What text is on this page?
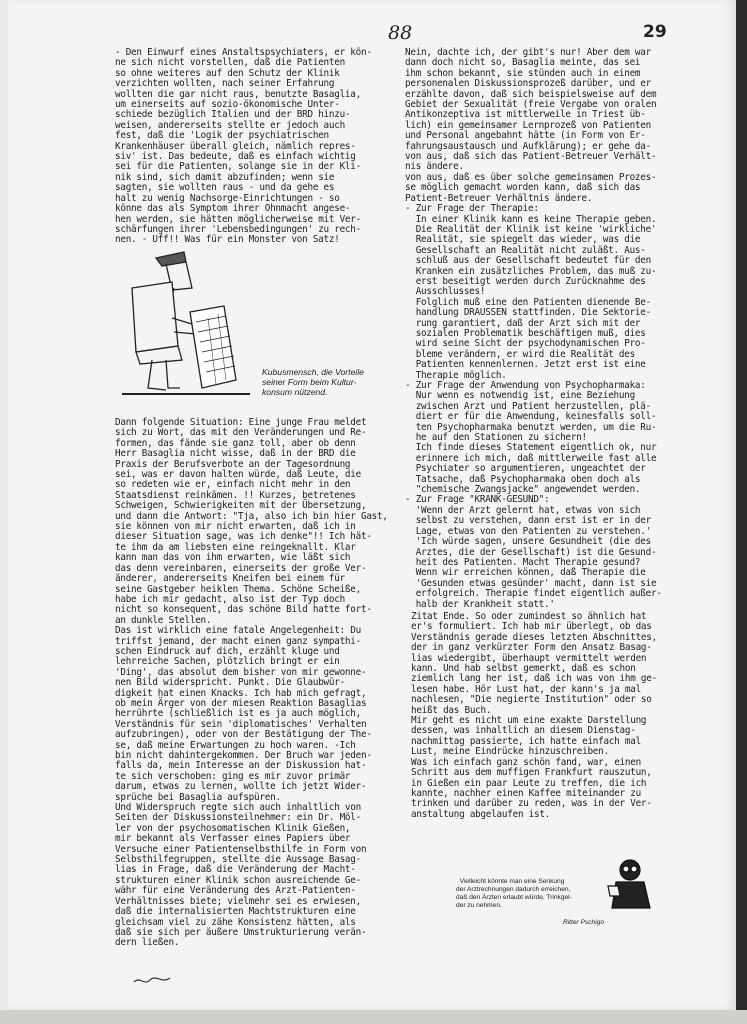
88	29
- Den Einwurf eines Anstaltspsychiaters, er kön-
ne sich nicht vorstellen, daß die Patienten
so ohne weiteres auf den Schutz der Klinik
verzichten wollten, nach seiner Erfahrung
wollten die gar nicht raus, benutzte Basaglia,
um einerseits auf sozio-ökonomische Unter-
schiede bezüglich Italien und der BRD hinzu-
weisen, andererseits stellte er jedoch auch
fest, daß die 'Logik der psychiatrischen
Krankenhäuser überall gleich, nämlich repres-
siv' ist. Das bedeute, daß es einfach wichtig
sei für die Patienten, solange sie in der Kli-
nik sind, sich damit abzufinden; wenn sie
sagten, sie wollten raus - und da gehe es
halt zu wenig Nachsorge-Einrichtungen - so
könne das als Symptom ihrer Ohnmacht angese-
hen werden, sie hätten möglicherweise mit Ver-
schärfungen ihrer 'Lebensbedingungen' zu rech-
nen. - Uff!! Was für ein Monster von Satz!
Kubusmensch, die Vorteile
seiner Form beim Kultur-
konsum nützend.
Dann folgende Situation: Eine junge Frau meldet
sich zu Wort, das mit den Veränderungen und Re-
formen, das fände sie ganz toll, aber ob denn
Herr Basaglia nicht wisse, daß in der BRD die
Praxis der Berufsverbote an der Tagesordnung
sei, was er davon halten würde, daß Leute, die
so redeten wie er, einfach nicht mehr in den
Staatsdienst reinkämen. !! Kurzes, betretenes
Schweigen, Schwierigkeiten mit der Übersetzung,
und dann die Antwort: "Tja, also ich bin hier Gast,
sie können von mir nicht erwarten, daß ich in
dieser Situation sage, was ich denke"!! Ich hät-
te ihm da am liebsten eine reingeknallt. Klar
kann man das von ihm erwarten, wie läßt sich
das denn vereinbaren, einerseits der große Ver-
änderer, andererseits Kneifen bei einem für
seine Gastgeber heiklen Thema. Schöne Scheiße,
habe ich mir gedacht, also ist der Typ doch
nicht so konsequent, das schöne Bild hatte fort-
an dunkle Stellen.
Das ist wirklich eine fatale Angelegenheit: Du
triffst jemand, der macht einen ganz sympathi-
schen Eindruck auf dich, erzählt kluge und
lehrreiche Sachen, plötzlich bringt er ein
'Ding', das absolut dem bisher von mir gewonne-
nen Bild widerspricht. Punkt. Die Glaubwür-
digkeit hat einen Knacks. Ich hab mich gefragt,
ob mein Ärger von der miesen Reaktion Basaglias
herrührte (schließlich ist es ja auch möglich,
Verständnis für sein 'diplomatisches' Verhalten
aufzubringen), oder von der Bestätigung der The-
se, daß meine Erwartungen zu hoch waren. -Ich
bin nicht dahintergekommen. Der Bruch war jeden-
falls da, mein Interesse an der Diskussion hat-
te sich verschoben: ging es mir zuvor primär
darum, etwas zu lernen, wollte ich jetzt Wider-
sprüche bei Basaglia aufspüren.
Und Widerspruch regte sich auch inhaltlich von
Seiten der Diskussionsteilnehmer: ein Dr. Möl-
ler von der psychosomatischen Klinik Gießen,
mir bekannt als Verfasser eines Papiers über
Versuche einer Patientenselbsthilfe in Form von
Selbsthilfegruppen, stellte die Aussage Basag-
lias in Frage, daß die Veränderung der Macht-
strukturen einer Klinik schon ausreichende Ge-
währ für eine Veränderung des Arzt-Patienten-
Verhältnisses biete; vielmehr sei es erwiesen,
daß die internalisierten Machtstrukturen eine
gleichsam viel zu zähe Konsistenz hätten, als
daß sie sich per äußere Umstrukturierung verän-
dern ließen.
Nein, dachte ich, der gibt's nur! Aber dem war
dann doch nicht so, Basaglia meinte, das sei
ihm schon bekannt, sie stünden auch in einem
personenalen Diskussionsprozeß darüber, und er
erzählte davon, daß sich beispielsweise auf dem
Gebiet der Sexualität (freie Vergabe von oralen
Antikonzeptiva ist mittlerweile in Triest üb-
lich) ein gemeinsamer Lernprozeß von Patienten
und Personal angebahnt hätte (in Form von Er-
fahrungsaustausch und Aufklärung); er gehe da-
von aus, daß sich das Patient-Betreuer Verhält-
nis ändere.
von aus, daß es über solche gemeinsamen Prozes-
se möglich gemacht worden kann, daß sich das
Patient-Betreuer Verhältnis ändere.
- Zur Frage der Therapie:
In einer Klinik kann es keine Therapie geben.
Die Realität der Klinik ist keine 'wirkliche'
Realität, sie spiegelt das wieder, was die
Gesellschaft an Realität nicht zuläßt. Aus-
schluß aus der Gesellschaft bedeutet für den
Kranken ein zusätzliches Problem, das muß zu-
erst beseitigt werden durch Zurücknahme des
Ausschlusses!
Folglich muß eine den Patienten dienende Be-
handlung DRAUSSEN stattfinden. Die Sektorie-
rung garantiert, daß der Arzt sich mit der
sozialen Problematik beschäftigen muß, dies
wird seine Sicht der psychodynamischen Pro-
bleme verändern, er wird die Realität des
Patienten kennenlernen. Jetzt erst ist eine
Therapie möglich.
- Zur Frage der Anwendung von Psychopharmaka:
Nur wenn es notwendig ist, eine Beziehung
zwischen Arzt und Patient herzustellen, plä-
diert er für die Anwendung, keinesfalls soll-
ten Psychopharmaka benutzt werden, um die Ru-
he auf den Stationen zu sichern!
Ich finde dieses Statement eigentlich ok, nur
erinnere ich mich, daß mittlerweile fast alle
Psychiater so argumentieren, ungeachtet der
Tatsache, daß Psychopharmaka oben doch als
"chemische Zwangsjacke" angewendet werden.
- Zur Frage "KRANK-GESUND":
'Wenn der Arzt gelernt hat, etwas von sich
selbst zu verstehen, dann erst ist er in der
Lage, etwas von den Patienten zu verstehen.'
'Ich würde sagen, unsere Gesundheit (die des
Arztes, die der Gesellschaft) ist die Gesund-
heit des Patienten. Macht Therapie gesund?
Wenn wir erreichen können, daß Therapie die
'Gesunden etwas gesünder' macht, dann ist sie
erfolgreich. Therapie findet eigentlich außer-
halb der Krankheit statt.'
Zitat Ende. So oder zumindest so ähnlich hat
er's formuliert. Ich hab mir überlegt, ob das
Verständnis gerade dieses letzten Abschnittes,
der in ganz verkürzter Form den Ansatz Basag-
lias wiedergibt, überhaupt vermittelt werden
kann. Und hab selbst gemerkt, daß es schon
ziemlich lang her ist, daß ich was von ihm ge-
lesen habe. Hör Lust hat, der kann's ja mal
nachlesen, "Die negierte Institution" oder so
heißt das Buch.
Mir geht es nicht um eine exakte Darstellung
dessen, was inhaltlich an diesem Dienstag-
nachmittag passierte, ich hatte einfach mal
Lust, meine Eindrücke hinzuschreiben.
Was ich einfach ganz schön fand, war, einen
Schritt aus dem muffigen Frankfurt rauszutun,
in Gießen ein paar Leute zu treffen, die ich
kannte, nachher einen Kaffee miteinander zu
trinken und darüber zu reden, was in der Ver-
anstaltung abgelaufen ist.

Vielleicht könnte man eine Senkung
der Arztrechnungen dadurch erreichen,
daß den Ärzten erlaubt würde, Trinkgel-
der zu nehmen.

Ritter Pschigo
